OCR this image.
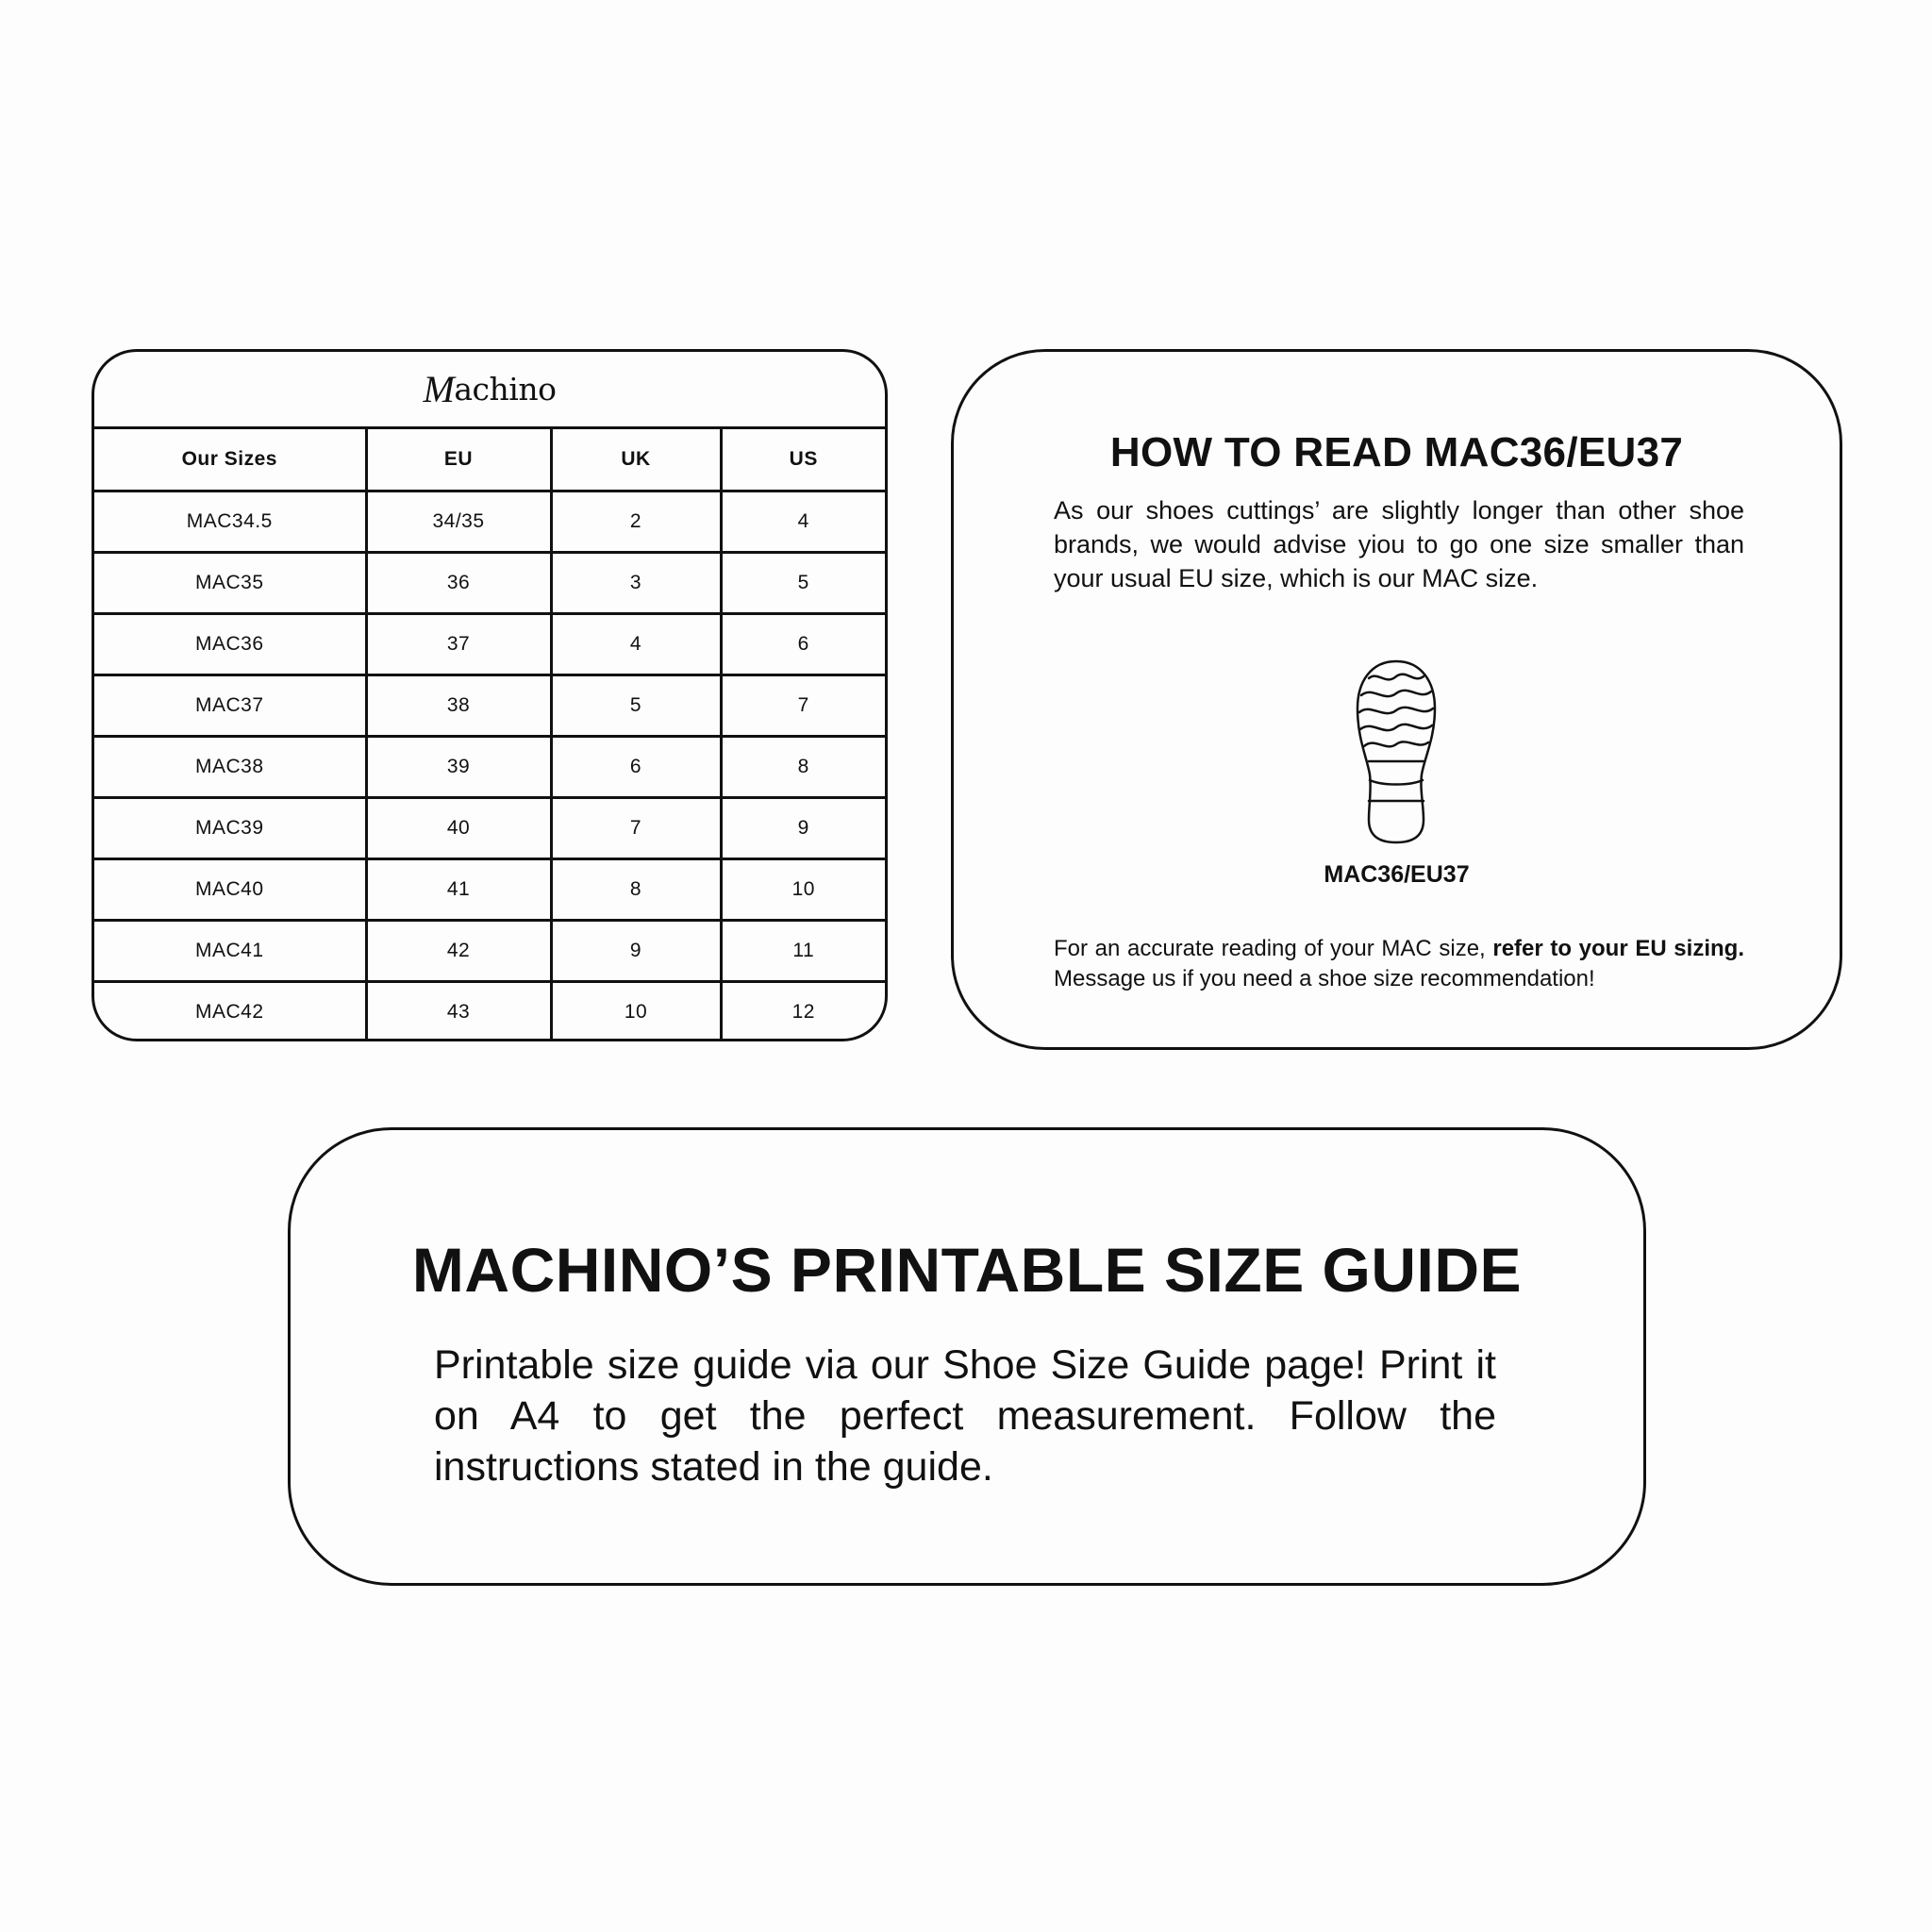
M achino
Our Sizes	EU	UK	US
MAC34.5	34/35	2	4
MAC35	36	3	5
MAC36	37	4	6
MAC37	38	5	7
MAC38	39	6	8
MAC39	40	7	9
MAC40	41	8	10
MAC41	42	9	11
MAC42	43	10	12
HOW TO READ MAC36/EU37

As our shoes cuttings’ are slightly longer than other shoe brands, we would advise yiou to go one size smaller than your usual EU size, which is our MAC size.

MAC36/EU37

For an accurate reading of your MAC size, refer to your EU sizing. Message us if you need a shoe size recommendation!

MACHINO’S PRINTABLE SIZE GUIDE

Printable size guide via our Shoe Size Guide page! Print it on A4 to get the perfect measurement. Follow the instructions stated in the guide.
